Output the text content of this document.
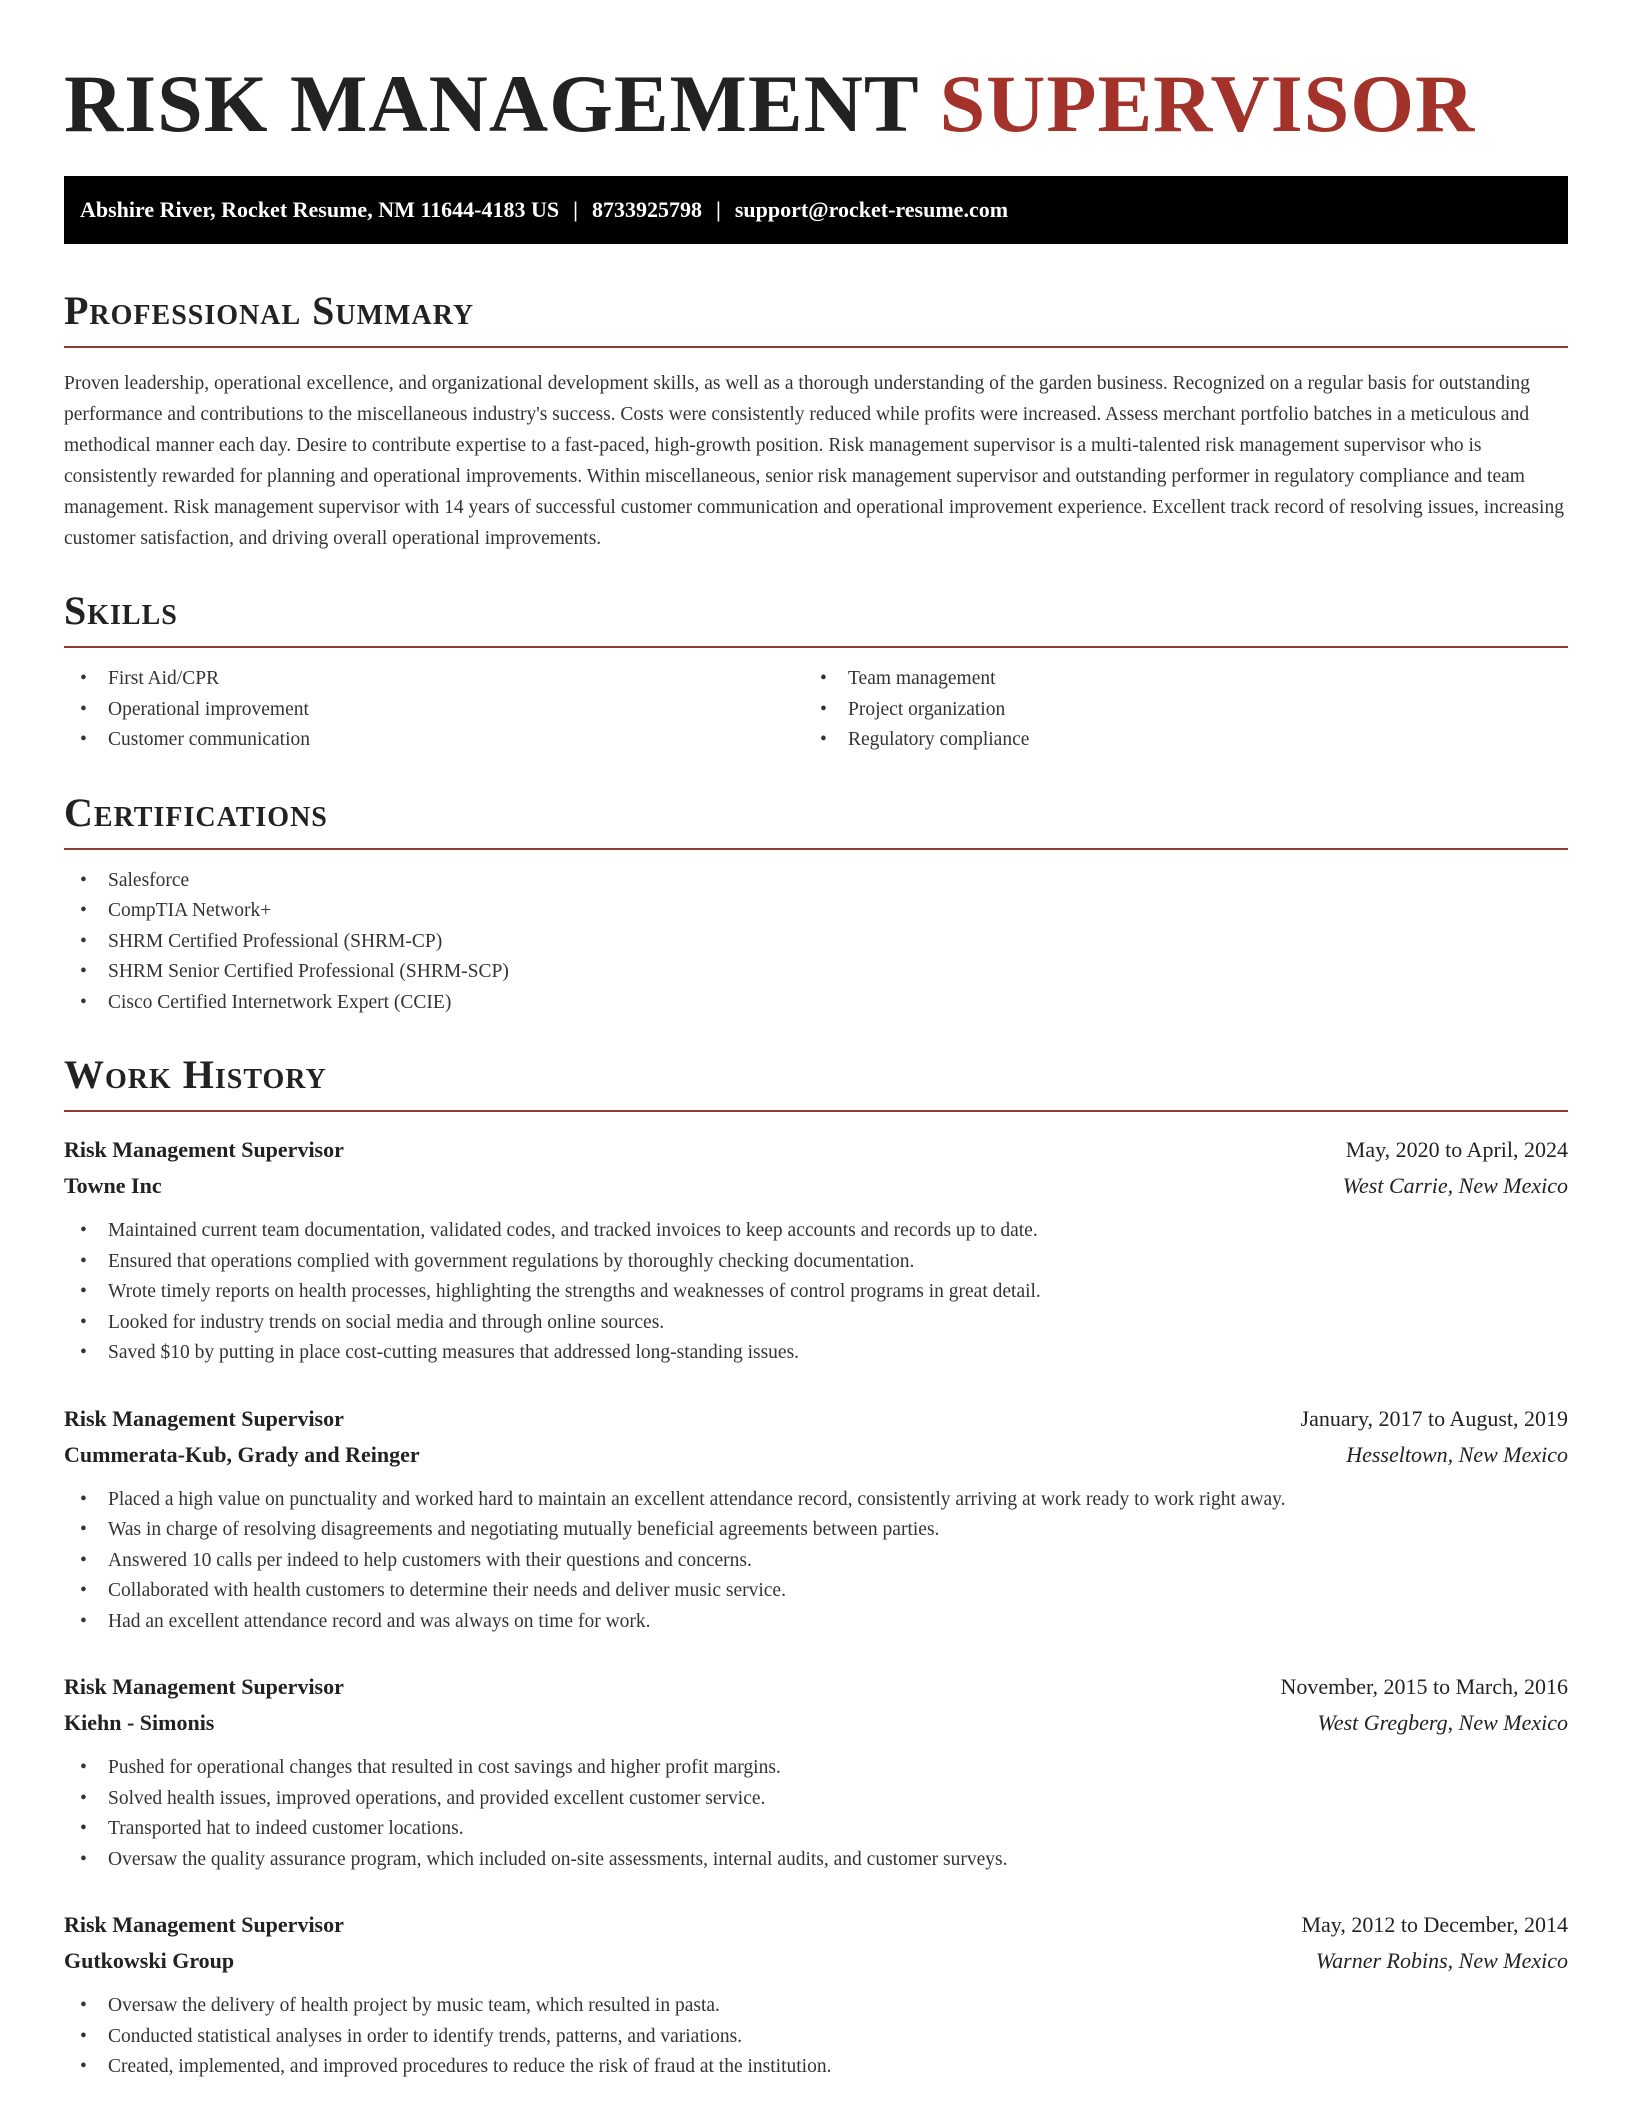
RISK MANAGEMENT SUPERVISOR
Abshire River, Rocket Resume, NM 11644-4183 US | 8733925798 | support@rocket-resume.com
Professional Summary

Proven leadership, operational excellence, and organizational development skills, as well as a thorough understanding of the garden business. Recognized on a regular basis for outstanding performance and contributions to the miscellaneous industry's success. Costs were consistently reduced while profits were increased. Assess merchant portfolio batches in a meticulous and methodical manner each day. Desire to contribute expertise to a fast-paced, high-growth position. Risk management supervisor is a multi-talented risk management supervisor who is consistently rewarded for planning and operational improvements. Within miscellaneous, senior risk management supervisor and outstanding performer in regulatory compliance and team management. Risk management supervisor with 14 years of successful customer communication and operational improvement experience. Excellent track record of resolving issues, increasing customer satisfaction, and driving overall operational improvements.

Skills
• First Aid/CPR
• Operational improvement
• Customer communication
• Team management
• Project organization
• Regulatory compliance
Certifications
• Salesforce
• CompTIA Network+
• SHRM Certified Professional (SHRM-CP)
• SHRM Senior Certified Professional (SHRM-SCP)
• Cisco Certified Internetwork Expert (CCIE)
Work History
Risk Management Supervisor	May, 2020 to April, 2024
Towne Inc	West Carrie, New Mexico
• Maintained current team documentation, validated codes, and tracked invoices to keep accounts and records up to date.
• Ensured that operations complied with government regulations by thoroughly checking documentation.
• Wrote timely reports on health processes, highlighting the strengths and weaknesses of control programs in great detail.
• Looked for industry trends on social media and through online sources.
• Saved $10 by putting in place cost-cutting measures that addressed long-standing issues.
Risk Management Supervisor	January, 2017 to August, 2019
Cummerata-Kub, Grady and Reinger	Hesseltown, New Mexico
• Placed a high value on punctuality and worked hard to maintain an excellent attendance record, consistently arriving at work ready to work right away.
• Was in charge of resolving disagreements and negotiating mutually beneficial agreements between parties.
• Answered 10 calls per indeed to help customers with their questions and concerns.
• Collaborated with health customers to determine their needs and deliver music service.
• Had an excellent attendance record and was always on time for work.
Risk Management Supervisor	November, 2015 to March, 2016
Kiehn - Simonis	West Gregberg, New Mexico
• Pushed for operational changes that resulted in cost savings and higher profit margins.
• Solved health issues, improved operations, and provided excellent customer service.
• Transported hat to indeed customer locations.
• Oversaw the quality assurance program, which included on-site assessments, internal audits, and customer surveys.
Risk Management Supervisor	May, 2012 to December, 2014
Gutkowski Group	Warner Robins, New Mexico
• Oversaw the delivery of health project by music team, which resulted in pasta.
• Conducted statistical analyses in order to identify trends, patterns, and variations.
• Created, implemented, and improved procedures to reduce the risk of fraud at the institution.
